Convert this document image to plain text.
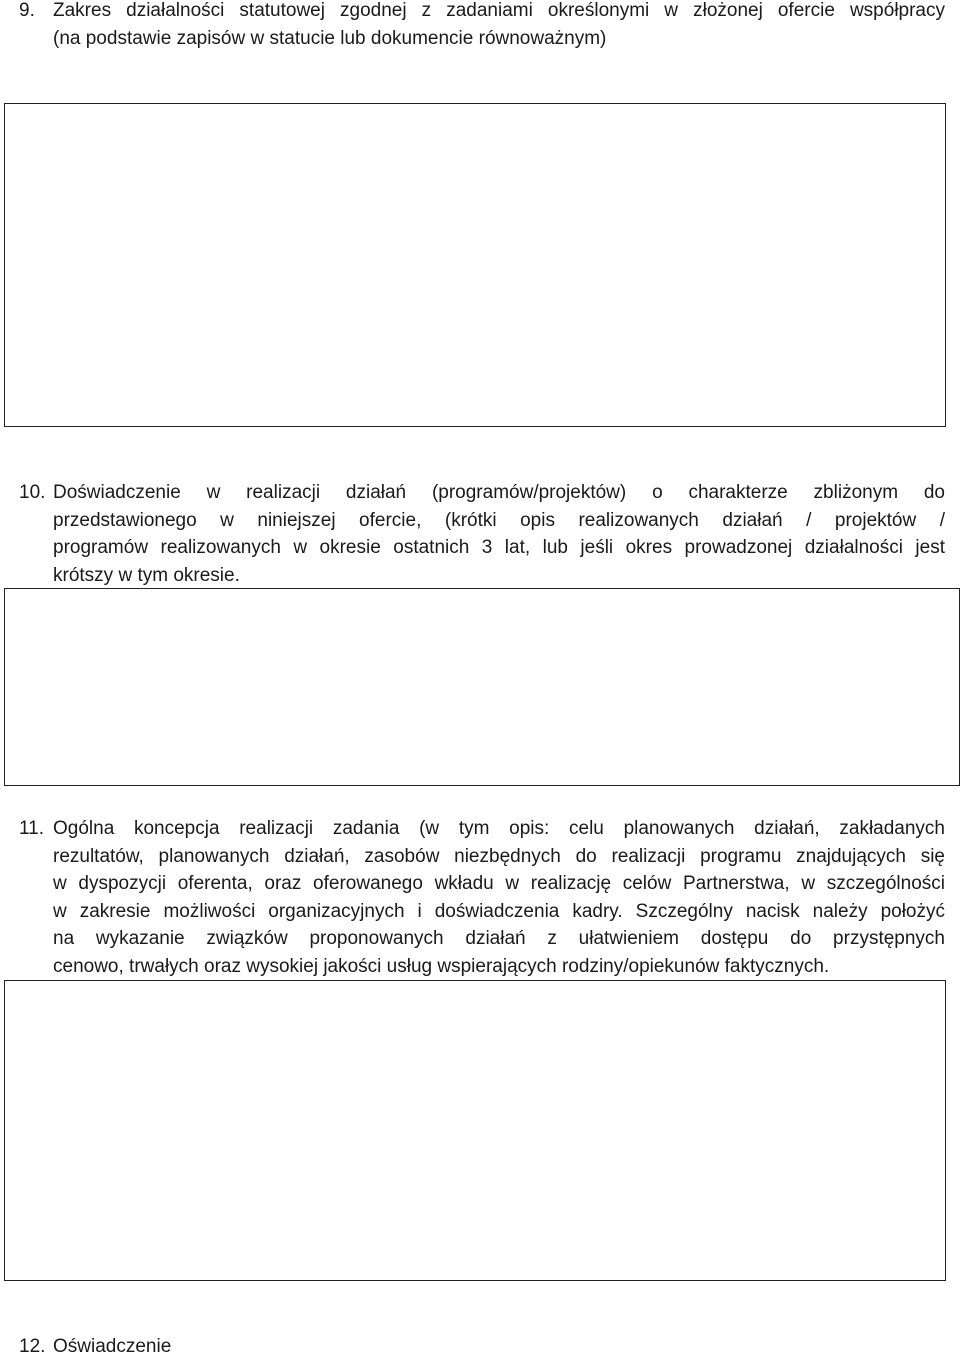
9. Zakres działalności statutowej zgodnej z zadaniami określonymi w złożonej ofercie współpracy
(na podstawie zapisów w statucie lub dokumencie równoważnym)
10. Doświadczenie w realizacji działań (programów/projektów) o charakterze zbliżonym do
przedstawionego w niniejszej ofercie, (krótki opis realizowanych działań / projektów /
programów realizowanych w okresie ostatnich 3 lat, lub jeśli okres prowadzonej działalności jest
krótszy w tym okresie.
11. Ogólna koncepcja realizacji zadania (w tym opis: celu planowanych działań, zakładanych
rezultatów, planowanych działań, zasobów niezbędnych do realizacji programu znajdujących się
w dyspozycji oferenta, oraz oferowanego wkładu w realizację celów Partnerstwa, w szczególności
w zakresie możliwości organizacyjnych i doświadczenia kadry. Szczególny nacisk należy położyć
na wykazanie związków proponowanych działań z ułatwieniem dostępu do przystępnych
cenowo, trwałych oraz wysokiej jakości usług wspierających rodziny/opiekunów faktycznych.
12. Oświadczenie
